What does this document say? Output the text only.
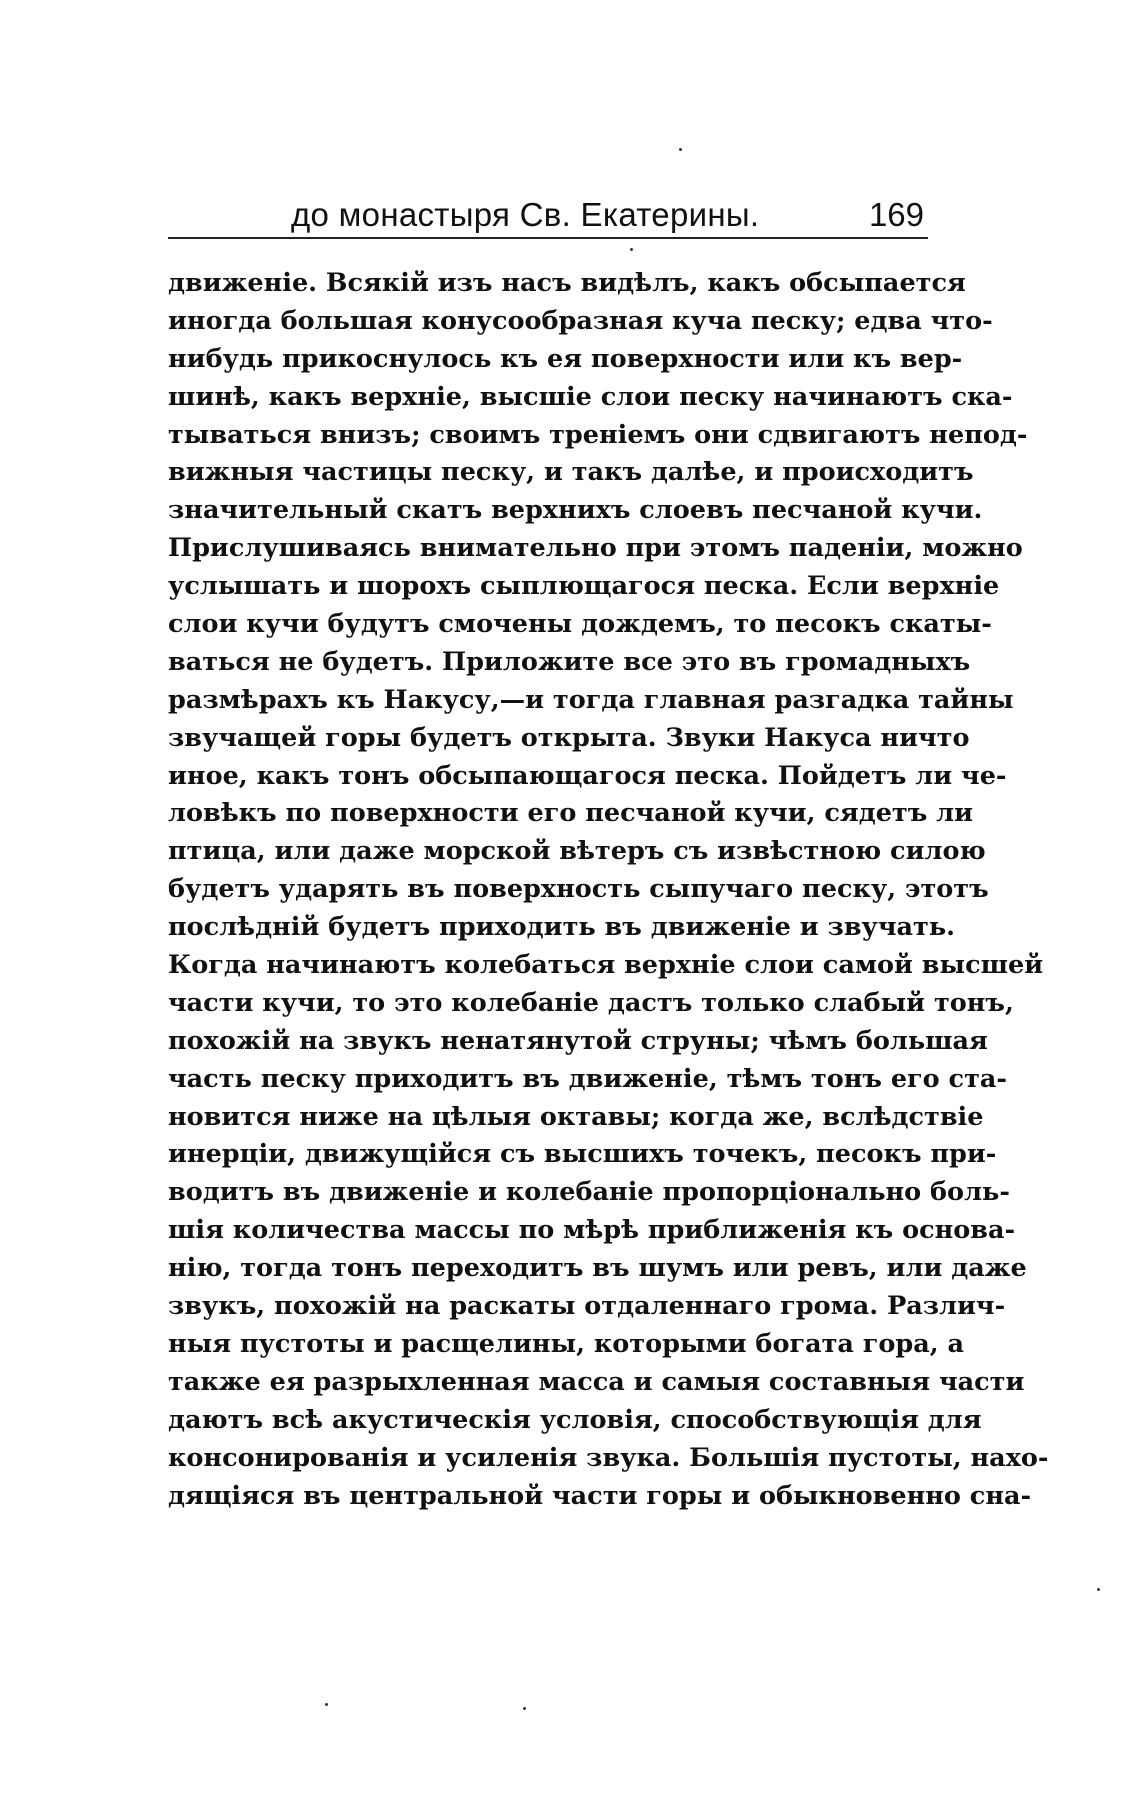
до монастыря Св. Екатерины.	169
движеніе. Всякій изъ насъ видѣлъ, какъ обсыпается
иногда большая конусообразная куча песку; едва что-
нибудь прикоснулось къ ея поверхности или къ вер-
шинѣ, какъ верхніе, высшіе слои песку начинаютъ ска-
тываться внизъ; своимъ треніемъ они сдвигаютъ непод-
вижныя частицы песку, и такъ далѣе, и происходитъ
значительный скатъ верхнихъ слоевъ песчаной кучи.
Прислушиваясь внимательно при этомъ паденіи, можно
услышать и шорохъ сыплющагося песка. Если верхніе
слои кучи будутъ смочены дождемъ, то песокъ скаты-
ваться не будетъ. Приложите все это въ громадныхъ
размѣрахъ къ Накусу,—и тогда главная разгадка тайны
звучащей горы будетъ открыта. Звуки Накуса ничто
иное, какъ тонъ обсыпающагося песка. Пойдетъ ли че-
ловѣкъ по поверхности его песчаной кучи, сядетъ ли
птица, или даже морской вѣтеръ съ извѣстною силою
будетъ ударять въ поверхность сыпучаго песку, этотъ
послѣдній будетъ приходить въ движеніе и звучать.
Когда начинаютъ колебаться верхніе слои самой высшей
части кучи, то это колебаніе дастъ только слабый тонъ,
похожій на звукъ ненатянутой струны; чѣмъ большая
часть песку приходитъ въ движеніе, тѣмъ тонъ его ста-
новится ниже на цѣлыя октавы; когда же, вслѣдствіе
инерціи, движущійся съ высшихъ точекъ, песокъ при-
водитъ въ движеніе и колебаніе пропорціонально боль-
шія количества массы по мѣрѣ приближенія къ основа-
нію, тогда тонъ переходитъ въ шумъ или ревъ, или даже
звукъ, похожій на раскаты отдаленнаго грома. Различ-
ныя пустоты и расщелины, которыми богата гора, а
также ея разрыхленная масса и самыя составныя части
даютъ всѣ акустическія условія, способствующія для
консонированія и усиленія звука. Большія пустоты, нахо-
дящіяся въ центральной части горы и обыкновенно сна-
